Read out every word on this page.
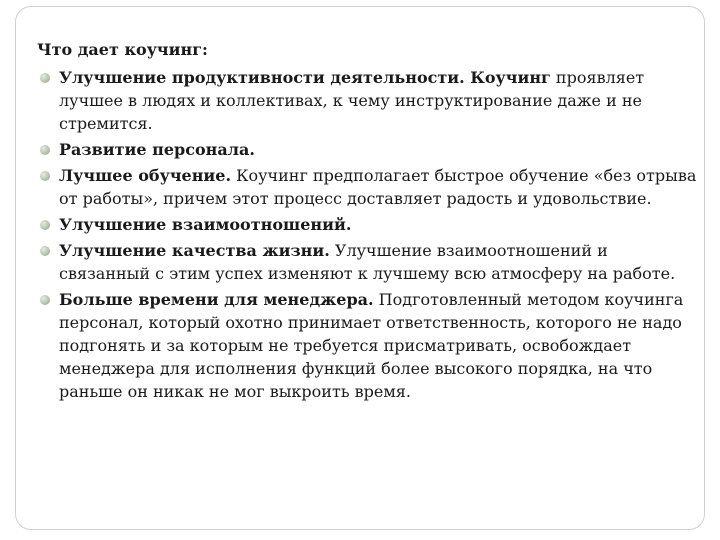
Что дает коучинг:
Улучшение продуктивности деятельности. Коучинг проявляет лучшее в людях и коллективах, к чему инструктирование даже и не стремится.
Развитие персонала.
Лучшее обучение. Коучинг предполагает быстрое обучение «без отрыва от работы», причем этот процесс доставляет радость и удовольствие.
Улучшение взаимоотношений.
Улучшение качества жизни. Улучшение взаимоотношений и связанный с этим успех изменяют к лучшему всю атмосферу на работе.
Больше времени для менеджера. Подготовленный методом коучинга персонал, который охотно принимает ответственность, которого не надо подгонять и за которым не требуется присматривать, освобождает менеджера для исполнения функций более высокого порядка, на что раньше он никак не мог выкроить время.
